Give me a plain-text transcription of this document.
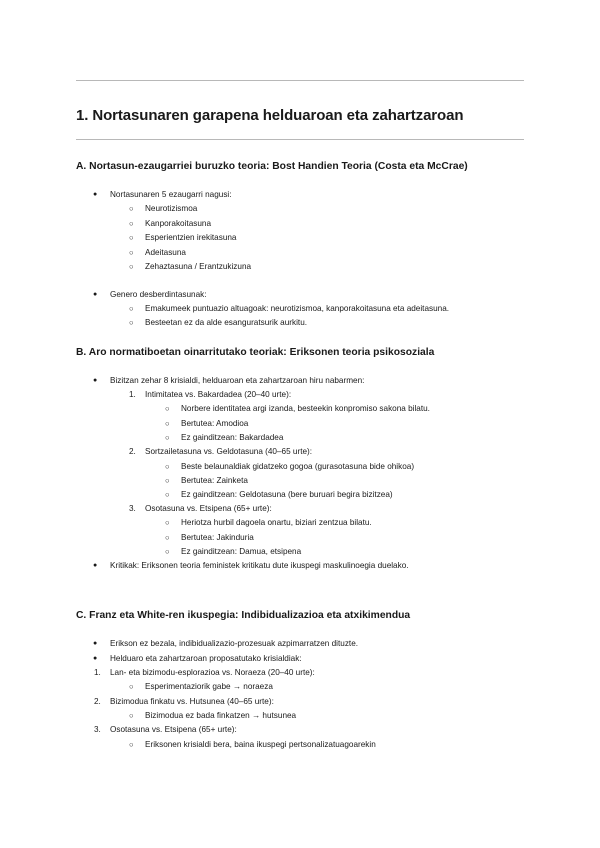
1. Nortasunaren garapena helduaroan eta zahartzaroan
A. Nortasun-ezaugarriei buruzko teoria: Bost Handien Teoria (Costa eta McCrae)
● Nortasunaren 5 ezaugarri nagusi:
○ Neurotizismoa
○ Kanporakoitasuna
○ Esperientzien irekitasuna
○ Adeitasuna
○ Zehaztasuna / Erantzukizuna
● Genero desberdintasunak:
○ Emakumeek puntuazio altuagoak: neurotizismoa, kanporakoitasuna eta adeitasuna.
○ Besteetan ez da alde esanguratsurik aurkitu.
B. Aro normatiboetan oinarritutako teoriak: Eriksonen teoria psikosoziala
● Bizitzan zehar 8 krisialdi, helduaroan eta zahartzaroan hiru nabarmen:
1. Intimitatea vs. Bakardadea (20–40 urte):
○ Norbere identitatea argi izanda, besteekin konpromiso sakona bilatu.
○ Bertutea: Amodioa
○ Ez gainditzean: Bakardadea
2. Sortzailetasuna vs. Geldotasuna (40–65 urte):
○ Beste belaunaldiak gidatzeko gogoa (gurasotasuna bide ohikoa)
○ Bertutea: Zainketa
○ Ez gainditzean: Geldotasuna (bere buruari begira bizitzea)
3. Osotasuna vs. Etsipena (65+ urte):
○ Heriotza hurbil dagoela onartu, biziari zentzua bilatu.
○ Bertutea: Jakinduria
○ Ez gainditzean: Damua, etsipena
● Kritikak: Eriksonen teoria feministek kritikatu dute ikuspegi maskulinoegia duelako.
C. Franz eta White-ren ikuspegia: Indibidualizazioa eta atxikimendua
● Erikson ez bezala, indibidualizazio-prozesuak azpimarratzen dituzte.
● Helduaro eta zahartzaroan proposatutako krisialdiak:
1. Lan- eta bizimodu-esplorazioa vs. Noraeza (20–40 urte):
○ Esperimentaziorik gabe → noraeza
2. Bizimodua finkatu vs. Hutsunea (40–65 urte):
○ Bizimodua ez bada finkatzen → hutsunea
3. Osotasuna vs. Etsipena (65+ urte):
○ Eriksonen krisialdi bera, baina ikuspegi pertsonalizatuagoarekin
